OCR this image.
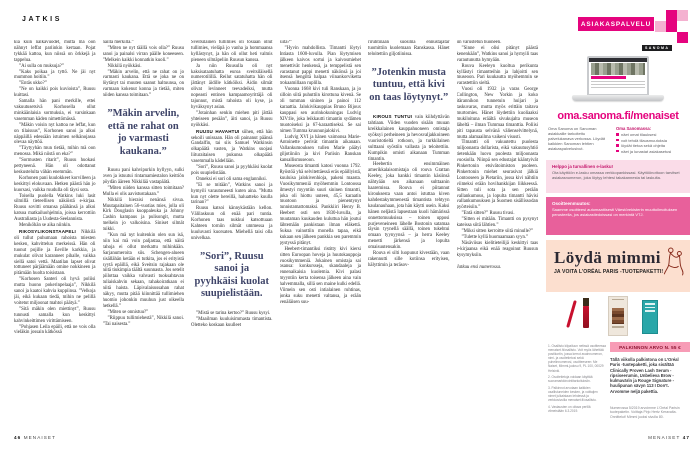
JATKIS

kiä kuin nälkävuodet, mutta mä oon nähnyt leffat pariinkin kertaan. Pojat tykkää kattoa, kun niissä on örkkejä ja tappelua.

”Ai sulla on muksuja?”

”Kaks poikaa ja tyttö. Ne jäi nyt mummon hoitiin.”

”Entäs ukko?”

”Ne on kaikki pois kuvioista”, Ruusu kuittasi.

Samalla hän pani merkille, ettei vakuutusetsivä Korhosella ollut minkäänlaisia sormuksia, ei varsinkaan vasemman käden nimettömässä.

”Mäkin voisin nyt kattoa ne leffat, kun on tilaisuus”, Korhonen sanoi ja alkoi näppäillä edessään istuimen selkänojassa olevaa näyttöä.

”Täytyyhän mun tietää, mihin mä oon menossa. Mikä niistä on eka?”

”Sormusten ritarit”, Ruusu huokasi pettyneenä. Hän oli odottanut keskustelulta vähän enemmän.

Korhonen pani kuulokkeet korvilleen ja keskittyi elokuvaan. Hetken päästä hän jo kuorsasi, vaikka ruudulla oli täysi sota.

Toisella puolella Watkins luki lasit silmillä tieteellisen näköistä e-kirjaa. Ruusu sovitti omansa päähänsä ja alkoi katsoa matkailuohjelmia, joissa kerrottiin Australiasta ja Uudesta-Seelannista.

Meniköhän se aika niinkin.

RIKOSYLIKONSTAAPELI Nikkilä oli tullut puhumaan rahoista miesten kesken, kahvittelun merkeissä. Hän oli tuonut pojille ja Eeville karkkia, ja mukulat olivat karanneet pihalle, vaikka siellä satoi vettä. Maatilan lapset olivat tottuneet pärjäämään omine nokkineen ja pitämään huolta toisistaan.

”Korhosen Santeri oli hyvä poliisi mutta huono pokerinpelaaja”, Nikkilä sanoi ja kaatoi kahvia kuppiinsa. ”Velkoja jäi, eikä kukaan tiedä, mihin ne pelillä voitetut miljoonat mahtoi päätyä.”

”Sitä mäkin olen miettinyt”, Ruusu tunnusti samalla kun keskittyi kahvinkeittimen virittämiseen.

”Pohjasen Leila epäili, että ne vois olla vieläkin jossain kätkössä

näillä merkillä.”

”Miten ne nyt täällä vois olla?” Ruusu sanoi ja painalsi virran päälle koneeseen. ”Melkein kaikki konnatkin kuoli.”

Nikkilä nyökkäsi.

”Mäkin arvelin, että ne rahat on jo varmasti kaukana. Että se joka ne on löytänyt tai muuten saanut haltuunsa, on varmaan kokenut konna ja tietää, miten niiden kanssa toimitaan.”

”Mäkin arvelin, että ne rahat on jo varmasti kaukana.”

Ruusu pani kahvipurkin hyllyyn, sulki oven ja istuutui rintamamiestalon keittiön pöydän ääreen Nikkilää vastapäätä.

”Miten niiden kanssa sitten toimitaan? Mulla ei olis aavistustakaan.”

Nikkilä hieraisi nenänsä sivua. Muutapaitainen 56-vuotias mies, jolla oli Kirk Douglasin kuoppaleuka ja Johnny Cashin kampaus ja pulisongit, mutta melkein jo valkoisina. Siniset silmät tuikki.

”Kun mä nyt kuitenkin olen sun isä, niin kai mä voin paljastaa, että näitä rahoja ei ollut merkattu mihinkään. Sarjanumeroita siis. Schengen-alueen sisällähän ketään ei tutkita, jos ei erityistä syytä epäillä, eikä Sveitsin rajakaan ole niitä tiukimpia täältä suunnasta. Jos setelit piilottaa vaikka vahvasti tuoksahtavan tuliaiskahvin sekaan, rahakoiratkaan ei niitä haista. Läpivalaisussahan rahat näkyy, mutta pitää kiinnittää tullimiehen huomio johonkin muuhun just oikeella hetkellä.”

”Miten se onnistuu?”

”Riippuu tullimiehestä”, Nikkilä sanoi. ”Tai naisesta.”

Sveitsiläinen tullimies oli tosiaan ollut tullimies, vieläpä jo vanha ja hommaansa kyllästynyt, ja hän oli ollut heti valmis pieneen silmäpeliin Ruusun kanssa.

Ja niin Ruusulla oli nyt kaksisataatuhatta euroa sveitsiläisellä numerotilillä. Reilut satatuhatta hän oli jättänyt äidille kätköiksi. Äidin silmät olivat levinneet teevadeiksi, mutta nopeasti entinen kampaamoyrittäjä oli tajunnut, mistä rahoista oli kyse, ja hyväksynyt asian.

”Jotainhan senkin miehen piti jättää yhteiseen pesään”, äiti sanoi, ja Ruusu nyökkäsi.

RUUSU HAVAHTUI siihen, että hän sekoili unissaan. Hän oli painanut päänsä Gandalfin, tai siis Samuel Watkinsin olkapäätä vasten, ja Watkins suojasi liituraitaisen pukunsa olkapäätä vasemmalla kädellään.

”Sori”, Ruusu sanoi ja pyyhkäisi kuolat pois suupielistään.

Onneksi ei sori oli sama englanniksi.

”Ei se mitään”, Watkins sanoi ja hymyili varautuneesti kuten aina. ”Mutta kun nyt olette hereillä, haluatteko kuulla tarinan?”

Ruusu katsoi kännykästään kellon. Välilaskuun oli enää pari tuntia. Korhonen taas nukkui katsottuaan Kahteen torniin silmät ummessa ja kuuluvasti kuorsaten. Miehellä taisi olla univelkaa.

”Sori”, Ruusu sanoi ja pyyhkäisi kuolat suupielistään.

”Mistä se tarina kertoo?” Ruusu kysyi.

”Maailman kuuluisimmasta timantista. Oletteko koskaan kuulleet

siitä?”

”Hyvin mahdollista. Timantti löytyi Intiasta 1600-luvulla. Pian löytymisen jälkeen kaivos sortui ja kaivosmiehet menettivät henkensä, ja temppelistä sen varastanut pappi menetti näkönsä ja joi itsensä hengiltä halpaa viinankorviketta trokaamillaan ruplilla.

Vuonna 1668 kivi tuli Ranskaan, ja jo silloin siitä puhuttiin kirottuna kivenä. Se oli tumman sininen ja painoi 112 karaattia. Jalokivikauppias Bruno Bijoux kauppasi sen aurinkokuningas Ludvig XIV:lle, joka leikkautti timantin sydämen muotoiseksi ja 67-karaattiseksi. Se sai nimen Tumma kruununjalokivi.

Ludvig XVI ja hänen vaimonsa Marie-Antoinette perivät timantin aikanaan. Vallankumouksen tullen Marie päätyi giljotiiniin ja kivi Pariisin Ranskan kansallismuseoon.

Museosta timantti katosi vuonna 1792. Ryöstöä yhä selvitettäessä eräs epäillyistä, kuuluisa jalokivenhioja, pakeni maasta. Vuosikymmeniä myöhemmin Lontoossa ilmestyi myyntiin suuri sininen timantti, joka oli hiottu uuteen, 45,5 karaatin muotoon ja pienentynyt tunnistamattomaksi. Pankkiiri Henry B. Heebert osti sen 1830-luvulla, ja muutaman kuukauden kuluttua hän joutui lähtemään pankistaan ilman eläkettä. Sukua vainottiin monella tapaa, eikä kukaan sen jälkeen pankkia sen paremmin pystyssä pitänyt.

Heebert-timantiksi ristitty kivi kiersi sitten Euroopan hoveja ja huutokauppoja vuosikymmeniä. Jokainen omistaja sai osansa: konkursseja, skandaaleja ja ennenaikaisia kuolemia. Kivi palasi myyntiin kerta toisensa jälkeen aina vain halvemmalla, sillä sen maine kulki edellä. Viimein sen osti intialainen ruhtinas, jonka suku menetti valtansa, ja erään venäläisen suu-

riruhtinaan suosima ennustajatar tuomittiin kuolemaan Ranskassa. Hänet teloitettiin giljotiinissa.

”Jotenkin musta tuntuu, että kivi on taas löytynyt.”

KIROUS TUNTUI vain kiihdyttävän tahtiaan. Viiden vuoden sisään muuan kreikkalainen kauppahuoneen omistaja syöksyi perheineen ja hevosvaljakkoineen vuoristotieltä rotkoon, ja turkkilainen sulttaani syöstiin vallasta ja teloitettiin. Kumpikin omisti aikanaan Tumman timantin.

Heebertin ensimmäinen amerikkalaisomistaja oli rouva Grattan Keeley, joka hankki timantin käsiinsä nähtyään sen aikanaan sulttaanin haaremissa. Rouva ei piitannut kirouksesta vaan antoi istuttaa kiven kahdestakymmenestä timantista tehtyyn kaulanauhaan, jota hän käytti usein. Kaksi hänen neljästä lapsestaan kuoli hämärissä onnettomuuksissa – toinen upposi purjeveneineen lähelle Bostonin satamaa täysin tyynellä säällä, toinen tukehtui omaan tyynyynsä – ja herra Keeley menetti järkensä ja lopulta omaisuutensakin.

Rouva ei silti luopunut kivestään, vaan rakennutti sille kotiinsa erityisen, hälyttimin ja teräsov-

iin varustetun huoneen.

”Sinne ei olisi pitänyt päästä kenenkään”, Watkins sanoi ja hymyili taas varautunutta hymyään.

Rouva Keeleyn kuoltua perikunta kyllästyi timantteihin ja lahjoitti sen museoon. Pari kuukautta myöhemmin se varastettiin sieltä.

Vuosi oli 1932 ja varas George Collington, New Yorkin ja koko itärannikon tunnetuin huijari ja taskuvaras, mutta myös erittäin taitava murtomies. Hänet löydettiin kuoliaaksi mukiloituna eräältä sivukujalta museon läheltä – ilman Tummaa timanttia. Poliisi piti tapausta selvänä välienselvittelynä, mutta alamaailma vaikeni visusti.

Timantti oli vakuutettu puolesta miljoonasta dollarista, eikä vakuutusyhtiö tietenkään luovu puolesta miljoonasta vuosiolla. Niinpä sen edustajat kääntyivät Pinkertonin etsivätoimiston puoleen. Pinkertonin miehet seurasivat jälkiä Lontooseen ja Pietariin, jossa kivi nähtiin viimeksi erään hovihankkijan liikkeessä. Sitten tuli sota ja sen perään vallankumous, ja lopulta timantti hävisi vallankumouksen ja Suomen sisällissodan pyörteisiin.”

”Entä sitten?” Ruusu tivasi.

”Sitten ei mitään. Timantti on pysynyt kateissa siitä lähtien.”

”Miksi sitten kerroitte siitä minulle?”

”Tulette kyllä huomaamaan syyn.”

Näsäviisas kielitieteilijä keskittyi taas e-kirjaansa eikä enää reagoinut Ruusun kysymyksiin.

Jatkuu ensi numerossa.

ASIAKASPALVELU
SANOMA
oma.sanoma.fi/menaiset
Oma Sanoma on Sanoman asiakkaille tarkoitettu palvelukanava verkossa. Löydät kaikkien Sanoman lehtien asiakaspalvelusivut.
Oma Sanomassa:

näet omat tilauksesi

voit tehdä tilausmuutoksia

löydät tietoa sekä ohjeita

näet ja lunastat asiakasetusi

Helppo ja turvallinen e-lasku!
Ota käyttöön e-lasku omassa verkkopankissasi. Käyttöönottoon tarvitset asiakasnumeron, joka löytyy lehtesi takakannesta tai laskulta.
Osoitteenmuutos:
Saamme osoitteesi automaattisesti Väestörekisterin muuttoilmoituksen perusteella, jos asiakastiedoissasi on merkintä VTJ.
Löydä mimmi
JA VOITA L’ORÉAL PARIS -TUOTEPAKETTI!

1. Osallistu kilpailuun netissä osoitteessa menaiset.fi/osallistu. Voit myös lähettää postikortin, jossa kerrot avainnumeron, nimi- ja osoitetietosi sekä puhelinnumerosi, osoitteeseen: Me Naiset, Mimmi-juoksu 9, PL 100, 00029 Helsinki.

2. Osoitetietoja voidaan käyttää suoramarkkinointitarkoituksiin.

3. Palkinnot arvotaan kaikkien osallistuneiden kesken, ja voittajien nimet julkaistaan lehdessä ja verkkosivuilla menaiset.fi/osallistu.

4. Vastausten on oltava perillä viimeistään 6.3.2019.

PALKINNON ARVO N. 55 €
Tällä viikolla palkintona on L’Oréal Paris -tuotepaketti, joka sisältää Clinically Proven Lash Serum -ripsiseerumin, Unbelieva Brow -kulmavärin ja Rouge Signature -huulipunan sävyn 113 I Don’t. Arvomme neljä pakettia.
Numerossa 5/2019 arvoimme L’Oréal Parisin tuotepaketin. Voittaja Pirjo Hertz Keravalta. Onnittelut! Mimmi juoksi sivulla 80.
46 MENAISET	MENAISET 47
